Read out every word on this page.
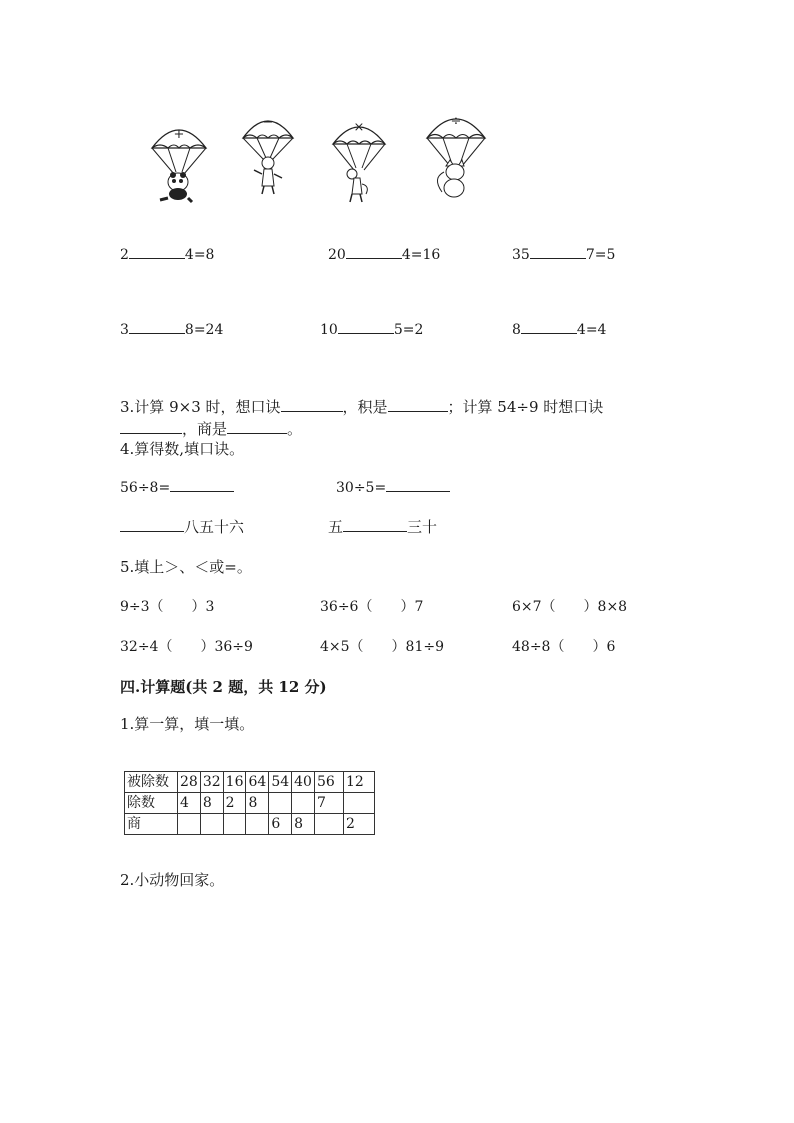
+
−	×	÷
2	4=8	20	4=16	35	7=5
3	8=24	10	5=2	8	4=4
3.计算 9×3 时，想口诀	，积是	；计算 54÷9 时想口诀
，商是	。
4.算得数,填口诀。
56÷8=	30÷5=
八五十六	五	三十
5.填上＞、＜或=。
9÷3（ ）3	36÷6（ ）7	6×7（ ）8×8
32÷4（ ）36÷9	4×5（ ）81÷9	48÷8（ ）6
四.计算题(共 2 题，共 12 分)
1.算一算，填一填。
被除数	28	32	16	64	54	40	56	12
除数	4	8	2	8			7	
商					6	8		2
2.小动物回家。
